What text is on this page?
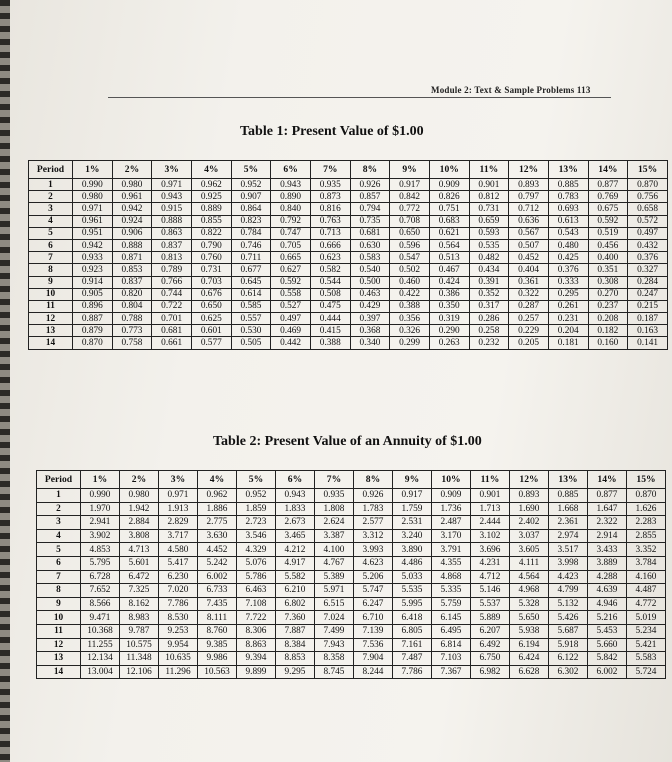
Module 2: Text & Sample Problems 113
Table 1: Present Value of $1.00
Period	1%	2%	3%	4%	5%	6%	7%	8%	9%	10%	11%	12%	13%	14%	15%
1	0.990	0.980	0.971	0.962	0.952	0.943	0.935	0.926	0.917	0.909	0.901	0.893	0.885	0.877	0.870
2	0.980	0.961	0.943	0.925	0.907	0.890	0.873	0.857	0.842	0.826	0.812	0.797	0.783	0.769	0.756
3	0.971	0.942	0.915	0.889	0.864	0.840	0.816	0.794	0.772	0.751	0.731	0.712	0.693	0.675	0.658
4	0.961	0.924	0.888	0.855	0.823	0.792	0.763	0.735	0.708	0.683	0.659	0.636	0.613	0.592	0.572
5	0.951	0.906	0.863	0.822	0.784	0.747	0.713	0.681	0.650	0.621	0.593	0.567	0.543	0.519	0.497
6	0.942	0.888	0.837	0.790	0.746	0.705	0.666	0.630	0.596	0.564	0.535	0.507	0.480	0.456	0.432
7	0.933	0.871	0.813	0.760	0.711	0.665	0.623	0.583	0.547	0.513	0.482	0.452	0.425	0.400	0.376
8	0.923	0.853	0.789	0.731	0.677	0.627	0.582	0.540	0.502	0.467	0.434	0.404	0.376	0.351	0.327
9	0.914	0.837	0.766	0.703	0.645	0.592	0.544	0.500	0.460	0.424	0.391	0.361	0.333	0.308	0.284
10	0.905	0.820	0.744	0.676	0.614	0.558	0.508	0.463	0.422	0.386	0.352	0.322	0.295	0.270	0.247
11	0.896	0.804	0.722	0.650	0.585	0.527	0.475	0.429	0.388	0.350	0.317	0.287	0.261	0.237	0.215
12	0.887	0.788	0.701	0.625	0.557	0.497	0.444	0.397	0.356	0.319	0.286	0.257	0.231	0.208	0.187
13	0.879	0.773	0.681	0.601	0.530	0.469	0.415	0.368	0.326	0.290	0.258	0.229	0.204	0.182	0.163
14	0.870	0.758	0.661	0.577	0.505	0.442	0.388	0.340	0.299	0.263	0.232	0.205	0.181	0.160	0.141
Table 2: Present Value of an Annuity of $1.00
Period	1%	2%	3%	4%	5%	6%	7%	8%	9%	10%	11%	12%	13%	14%	15%
1	0.990	0.980	0.971	0.962	0.952	0.943	0.935	0.926	0.917	0.909	0.901	0.893	0.885	0.877	0.870
2	1.970	1.942	1.913	1.886	1.859	1.833	1.808	1.783	1.759	1.736	1.713	1.690	1.668	1.647	1.626
3	2.941	2.884	2.829	2.775	2.723	2.673	2.624	2.577	2.531	2.487	2.444	2.402	2.361	2.322	2.283
4	3.902	3.808	3.717	3.630	3.546	3.465	3.387	3.312	3.240	3.170	3.102	3.037	2.974	2.914	2.855
5	4.853	4.713	4.580	4.452	4.329	4.212	4.100	3.993	3.890	3.791	3.696	3.605	3.517	3.433	3.352
6	5.795	5.601	5.417	5.242	5.076	4.917	4.767	4.623	4.486	4.355	4.231	4.111	3.998	3.889	3.784
7	6.728	6.472	6.230	6.002	5.786	5.582	5.389	5.206	5.033	4.868	4.712	4.564	4.423	4.288	4.160
8	7.652	7.325	7.020	6.733	6.463	6.210	5.971	5.747	5.535	5.335	5.146	4.968	4.799	4.639	4.487
9	8.566	8.162	7.786	7.435	7.108	6.802	6.515	6.247	5.995	5.759	5.537	5.328	5.132	4.946	4.772
10	9.471	8.983	8.530	8.111	7.722	7.360	7.024	6.710	6.418	6.145	5.889	5.650	5.426	5.216	5.019
11	10.368	9.787	9.253	8.760	8.306	7.887	7.499	7.139	6.805	6.495	6.207	5.938	5.687	5.453	5.234
12	11.255	10.575	9.954	9.385	8.863	8.384	7.943	7.536	7.161	6.814	6.492	6.194	5.918	5.660	5.421
13	12.134	11.348	10.635	9.986	9.394	8.853	8.358	7.904	7.487	7.103	6.750	6.424	6.122	5.842	5.583
14	13.004	12.106	11.296	10.563	9.899	9.295	8.745	8.244	7.786	7.367	6.982	6.628	6.302	6.002	5.724
